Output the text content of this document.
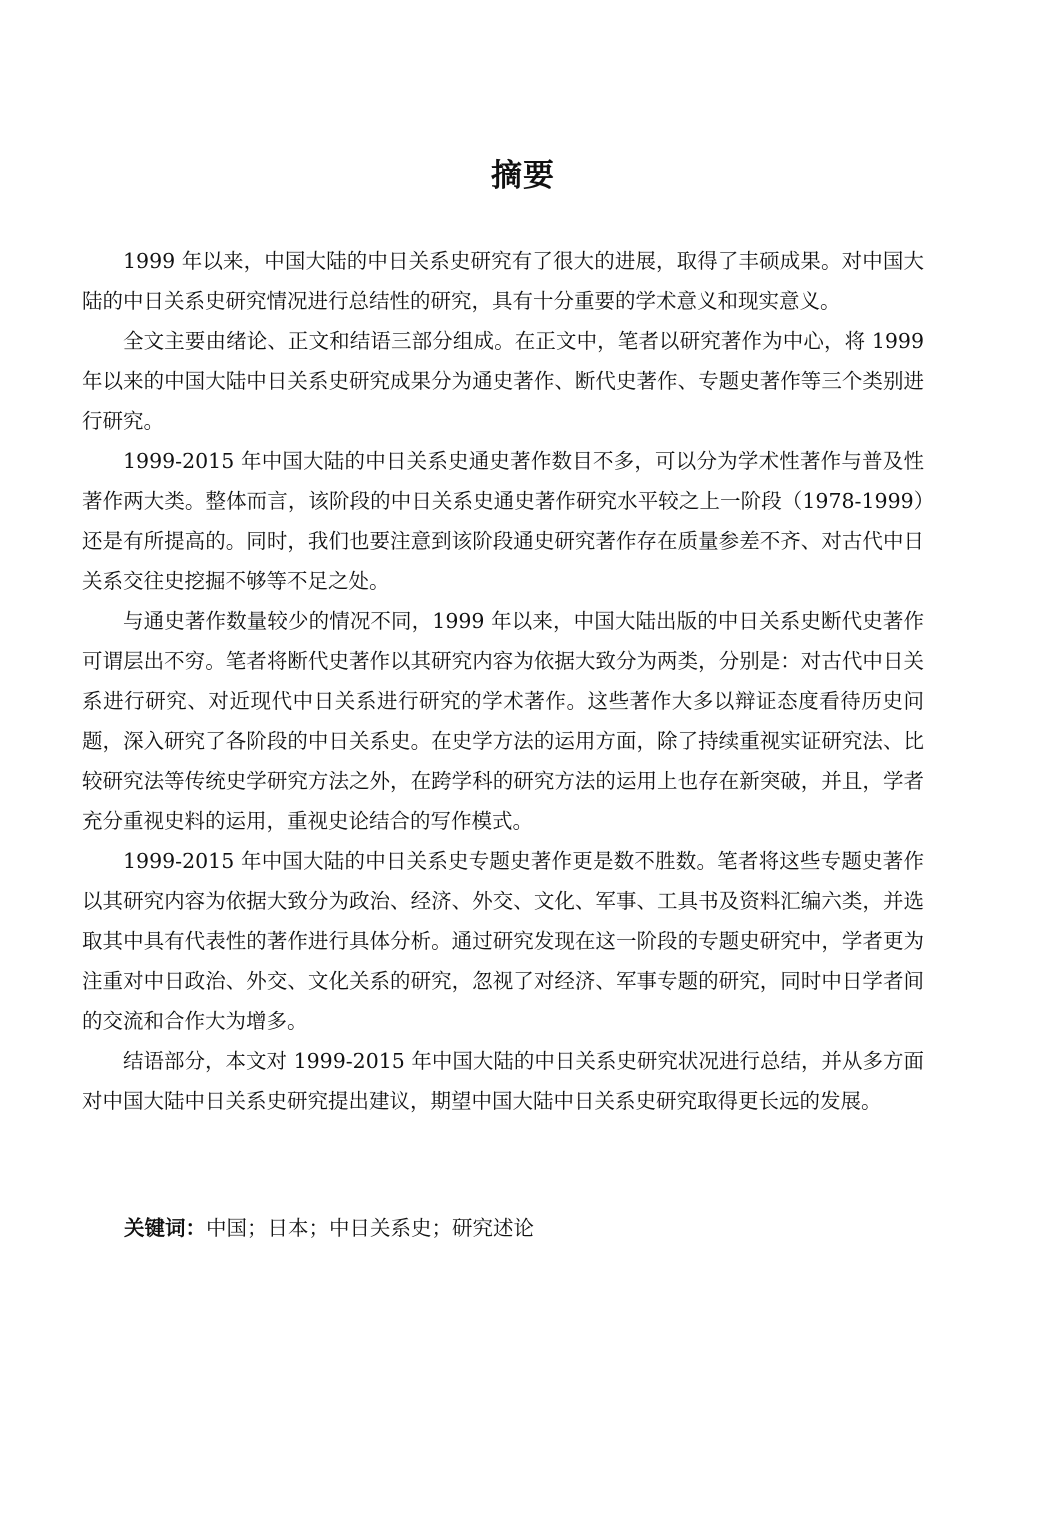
摘要

1999 年以来，中国大陆的中日关系史研究有了很大的进展，取得了丰硕成果。对中国大陆的中日关系史研究情况进行总结性的研究，具有十分重要的学术意义和现实意义。

全文主要由绪论、正文和结语三部分组成。在正文中，笔者以研究著作为中心，将 1999 年以来的中国大陆中日关系史研究成果分为通史著作、断代史著作、专题史著作等三个类别进行研究。

1999-2015 年中国大陆的中日关系史通史著作数目不多，可以分为学术性著作与普及性著作两大类。整体而言，该阶段的中日关系史通史著作研究水平较之上一阶段（1978-1999）还是有所提高的。同时，我们也要注意到该阶段通史研究著作存在质量参差不齐、对古代中日关系交往史挖掘不够等不足之处。

与通史著作数量较少的情况不同，1999 年以来，中国大陆出版的中日关系史断代史著作可谓层出不穷。笔者将断代史著作以其研究内容为依据大致分为两类，分别是：对古代中日关系进行研究、对近现代中日关系进行研究的学术著作。这些著作大多以辩证态度看待历史问题，深入研究了各阶段的中日关系史。在史学方法的运用方面，除了持续重视实证研究法、比较研究法等传统史学研究方法之外，在跨学科的研究方法的运用上也存在新突破，并且，学者充分重视史料的运用，重视史论结合的写作模式。

1999-2015 年中国大陆的中日关系史专题史著作更是数不胜数。笔者将这些专题史著作以其研究内容为依据大致分为政治、经济、外交、文化、军事、工具书及资料汇编六类，并选取其中具有代表性的著作进行具体分析。通过研究发现在这一阶段的专题史研究中，学者更为注重对中日政治、外交、文化关系的研究，忽视了对经济、军事专题的研究，同时中日学者间的交流和合作大为增多。

结语部分，本文对 1999-2015 年中国大陆的中日关系史研究状况进行总结，并从多方面对中国大陆中日关系史研究提出建议，期望中国大陆中日关系史研究取得更长远的发展。

关键词：中国；日本；中日关系史；研究述论
